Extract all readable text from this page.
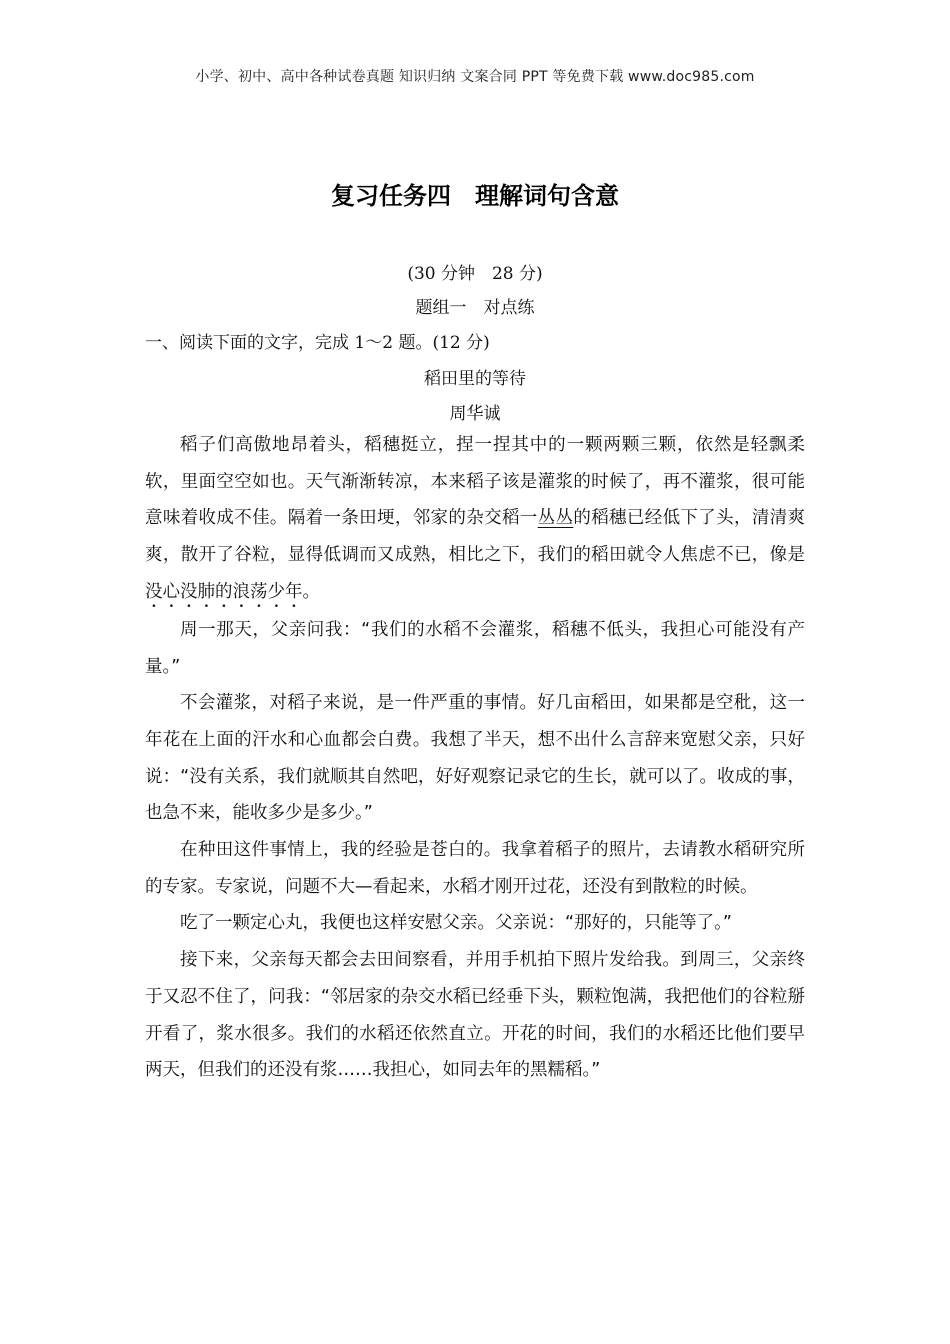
小学、初中、高中各种试卷真题 知识归纳 文案合同 PPT 等免费下载 www.doc985.com
复习任务四　理解词句含意
(30 分钟　28 分)
题组一　对点练
一、阅读下面的文字，完成 1～2 题。(12 分)
稻田里的等待
周华诚

稻子们高傲地昂着头，稻穗挺立，捏一捏其中的一颗两颗三颗，依然是轻飘柔软，里面空空如也。天气渐渐转凉，本来稻子该是灌浆的时候了，再不灌浆，很可能意味着收成不佳。隔着一条田埂，邻家的杂交稻一丛丛的稻穗已经低下了头，清清爽爽，散开了谷粒，显得低调而又成熟，相比之下，我们的稻田就令人焦虑不已，像是没心没肺的浪荡少年。

周一那天，父亲问我：“我们的水稻不会灌浆，稻穗不低头，我担心可能没有产量。”

不会灌浆，对稻子来说，是一件严重的事情。好几亩稻田，如果都是空秕，这一年花在上面的汗水和心血都会白费。我想了半天，想不出什么言辞来宽慰父亲，只好说：“没有关系，我们就顺其自然吧，好好观察记录它的生长，就可以了。收成的事，也急不来，能收多少是多少。”

在种田这件事情上，我的经验是苍白的。我拿着稻子的照片，去请教水稻研究所的专家。专家说，问题不大—看起来，水稻才刚开过花，还没有到散粒的时候。

吃了一颗定心丸，我便也这样安慰父亲。父亲说：“那好的，只能等了。”

接下来，父亲每天都会去田间察看，并用手机拍下照片发给我。到周三，父亲终于又忍不住了，问我：“邻居家的杂交水稻已经垂下头，颗粒饱满，我把他们的谷粒掰开看了，浆水很多。我们的水稻还依然直立。开花的时间，我们的水稻还比他们要早两天，但我们的还没有浆……我担心，如同去年的黑糯稻。”
